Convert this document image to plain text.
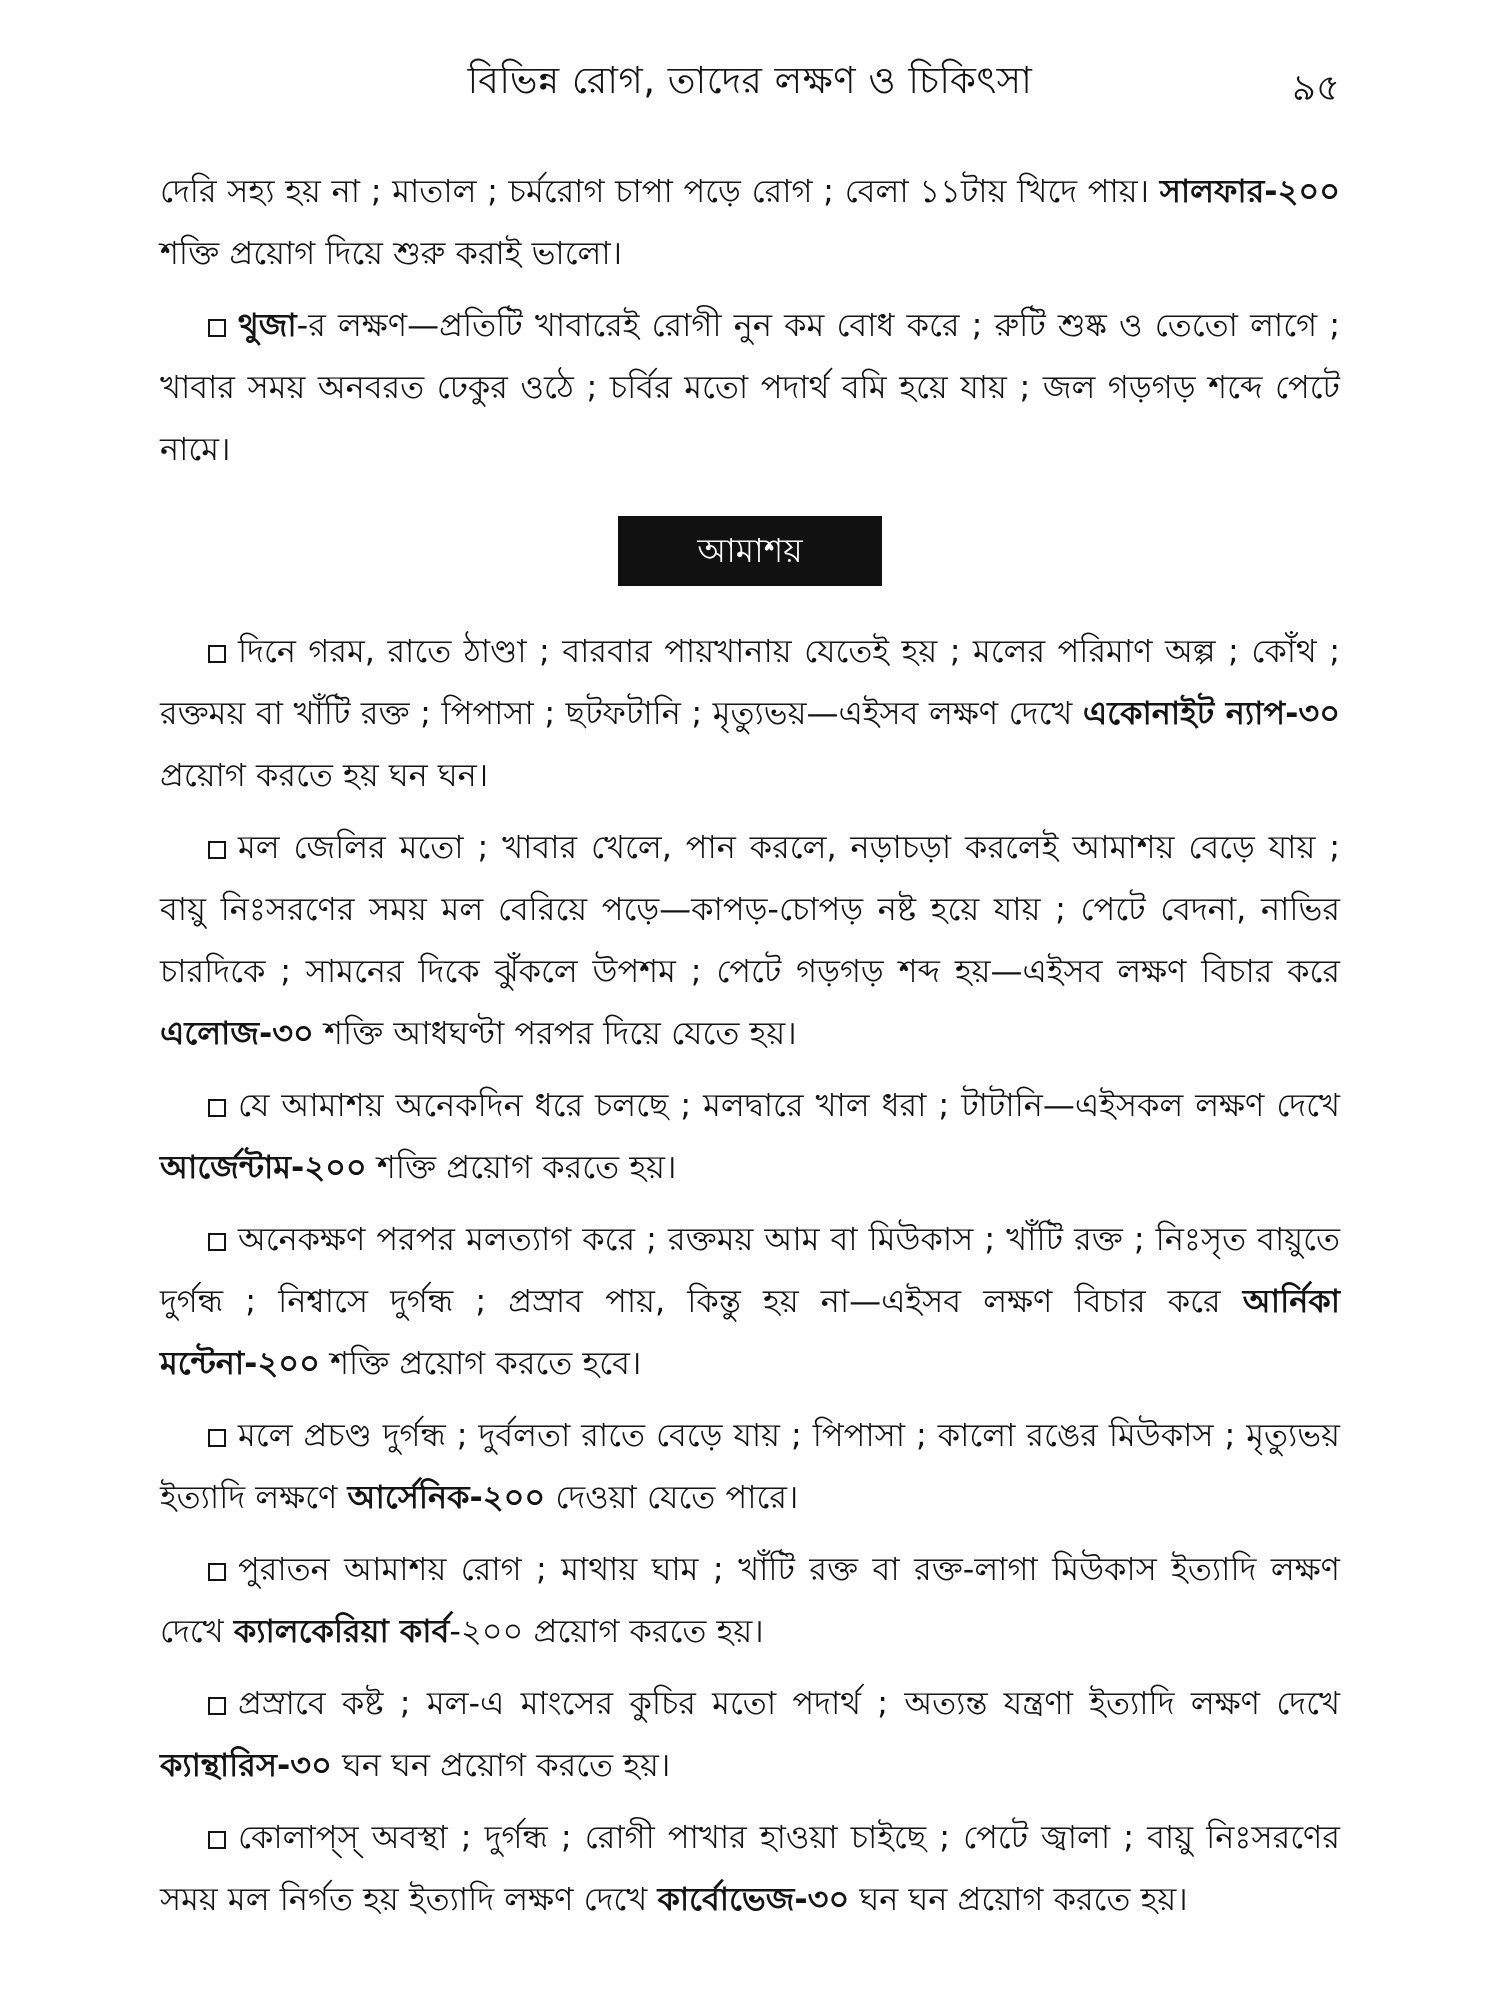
বিভিন্ন রোগ, তাদের লক্ষণ ও চিকিৎসা	৯৫

দেরি সহ্য হয় না ; মাতাল ; চর্মরোগ চাপা পড়ে রোগ ; বেলা ১১টায় খিদে পায়। সালফার-২০০ শক্তি প্রয়োগ দিয়ে শুরু করাই ভালো।

থুজা-র লক্ষণ—প্রতিটি খাবারেই রোগী নুন কম বোধ করে ; রুটি শুষ্ক ও তেতো লাগে ; খাবার সময় অনবরত ঢেকুর ওঠে ; চর্বির মতো পদার্থ বমি হয়ে যায় ; জল গড়গড় শব্দে পেটে নামে।

আমাশয়

দিনে গরম, রাতে ঠাণ্ডা ; বারবার পায়খানায় যেতেই হয় ; মলের পরিমাণ অল্প ; কোঁথ ; রক্তময় বা খাঁটি রক্ত ; পিপাসা ; ছটফটানি ; মৃত্যুভয়—এইসব লক্ষণ দেখে একোনাইট ন্যাপ-৩০ প্রয়োগ করতে হয় ঘন ঘন।

মল জেলির মতো ; খাবার খেলে, পান করলে, নড়াচড়া করলেই আমাশয় বেড়ে যায় ; বায়ু নিঃসরণের সময় মল বেরিয়ে পড়ে—কাপড়-চোপড় নষ্ট হয়ে যায় ; পেটে বেদনা, নাভির চারদিকে ; সামনের দিকে ঝুঁকলে উপশম ; পেটে গড়গড় শব্দ হয়—এইসব লক্ষণ বিচার করে এলোজ-৩০ শক্তি আধঘণ্টা পরপর দিয়ে যেতে হয়।

যে আমাশয় অনেকদিন ধরে চলছে ; মলদ্বারে খাল ধরা ; টাটানি—এইসকল লক্ষণ দেখে আর্জেন্টাম-২০০ শক্তি প্রয়োগ করতে হয়।

অনেকক্ষণ পরপর মলত্যাগ করে ; রক্তময় আম বা মিউকাস ; খাঁটি রক্ত ; নিঃসৃত বায়ুতে দুর্গন্ধ ; নিশ্বাসে দুর্গন্ধ ; প্রস্রাব পায়, কিন্তু হয় না—এইসব লক্ষণ বিচার করে আর্নিকা মন্টেনা-২০০ শক্তি প্রয়োগ করতে হবে।

মলে প্রচণ্ড দুর্গন্ধ ; দুর্বলতা রাতে বেড়ে যায় ; পিপাসা ; কালো রঙের মিউকাস ; মৃত্যুভয় ইত্যাদি লক্ষণে আর্সেনিক-২০০ দেওয়া যেতে পারে।

পুরাতন আমাশয় রোগ ; মাথায় ঘাম ; খাঁটি রক্ত বা রক্ত-লাগা মিউকাস ইত্যাদি লক্ষণ দেখে ক্যালকেরিয়া কার্ব-২০০ প্রয়োগ করতে হয়।

প্রস্রাবে কষ্ট ; মল-এ মাংসের কুচির মতো পদার্থ ; অত্যন্ত যন্ত্রণা ইত্যাদি লক্ষণ দেখে ক্যান্থারিস-৩০ ঘন ঘন প্রয়োগ করতে হয়।

কোলাপ্‌স্ অবস্থা ; দুর্গন্ধ ; রোগী পাখার হাওয়া চাইছে ; পেটে জ্বালা ; বায়ু নিঃসরণের সময় মল নির্গত হয় ইত্যাদি লক্ষণ দেখে কার্বোভেজ-৩০ ঘন ঘন প্রয়োগ করতে হয়।
